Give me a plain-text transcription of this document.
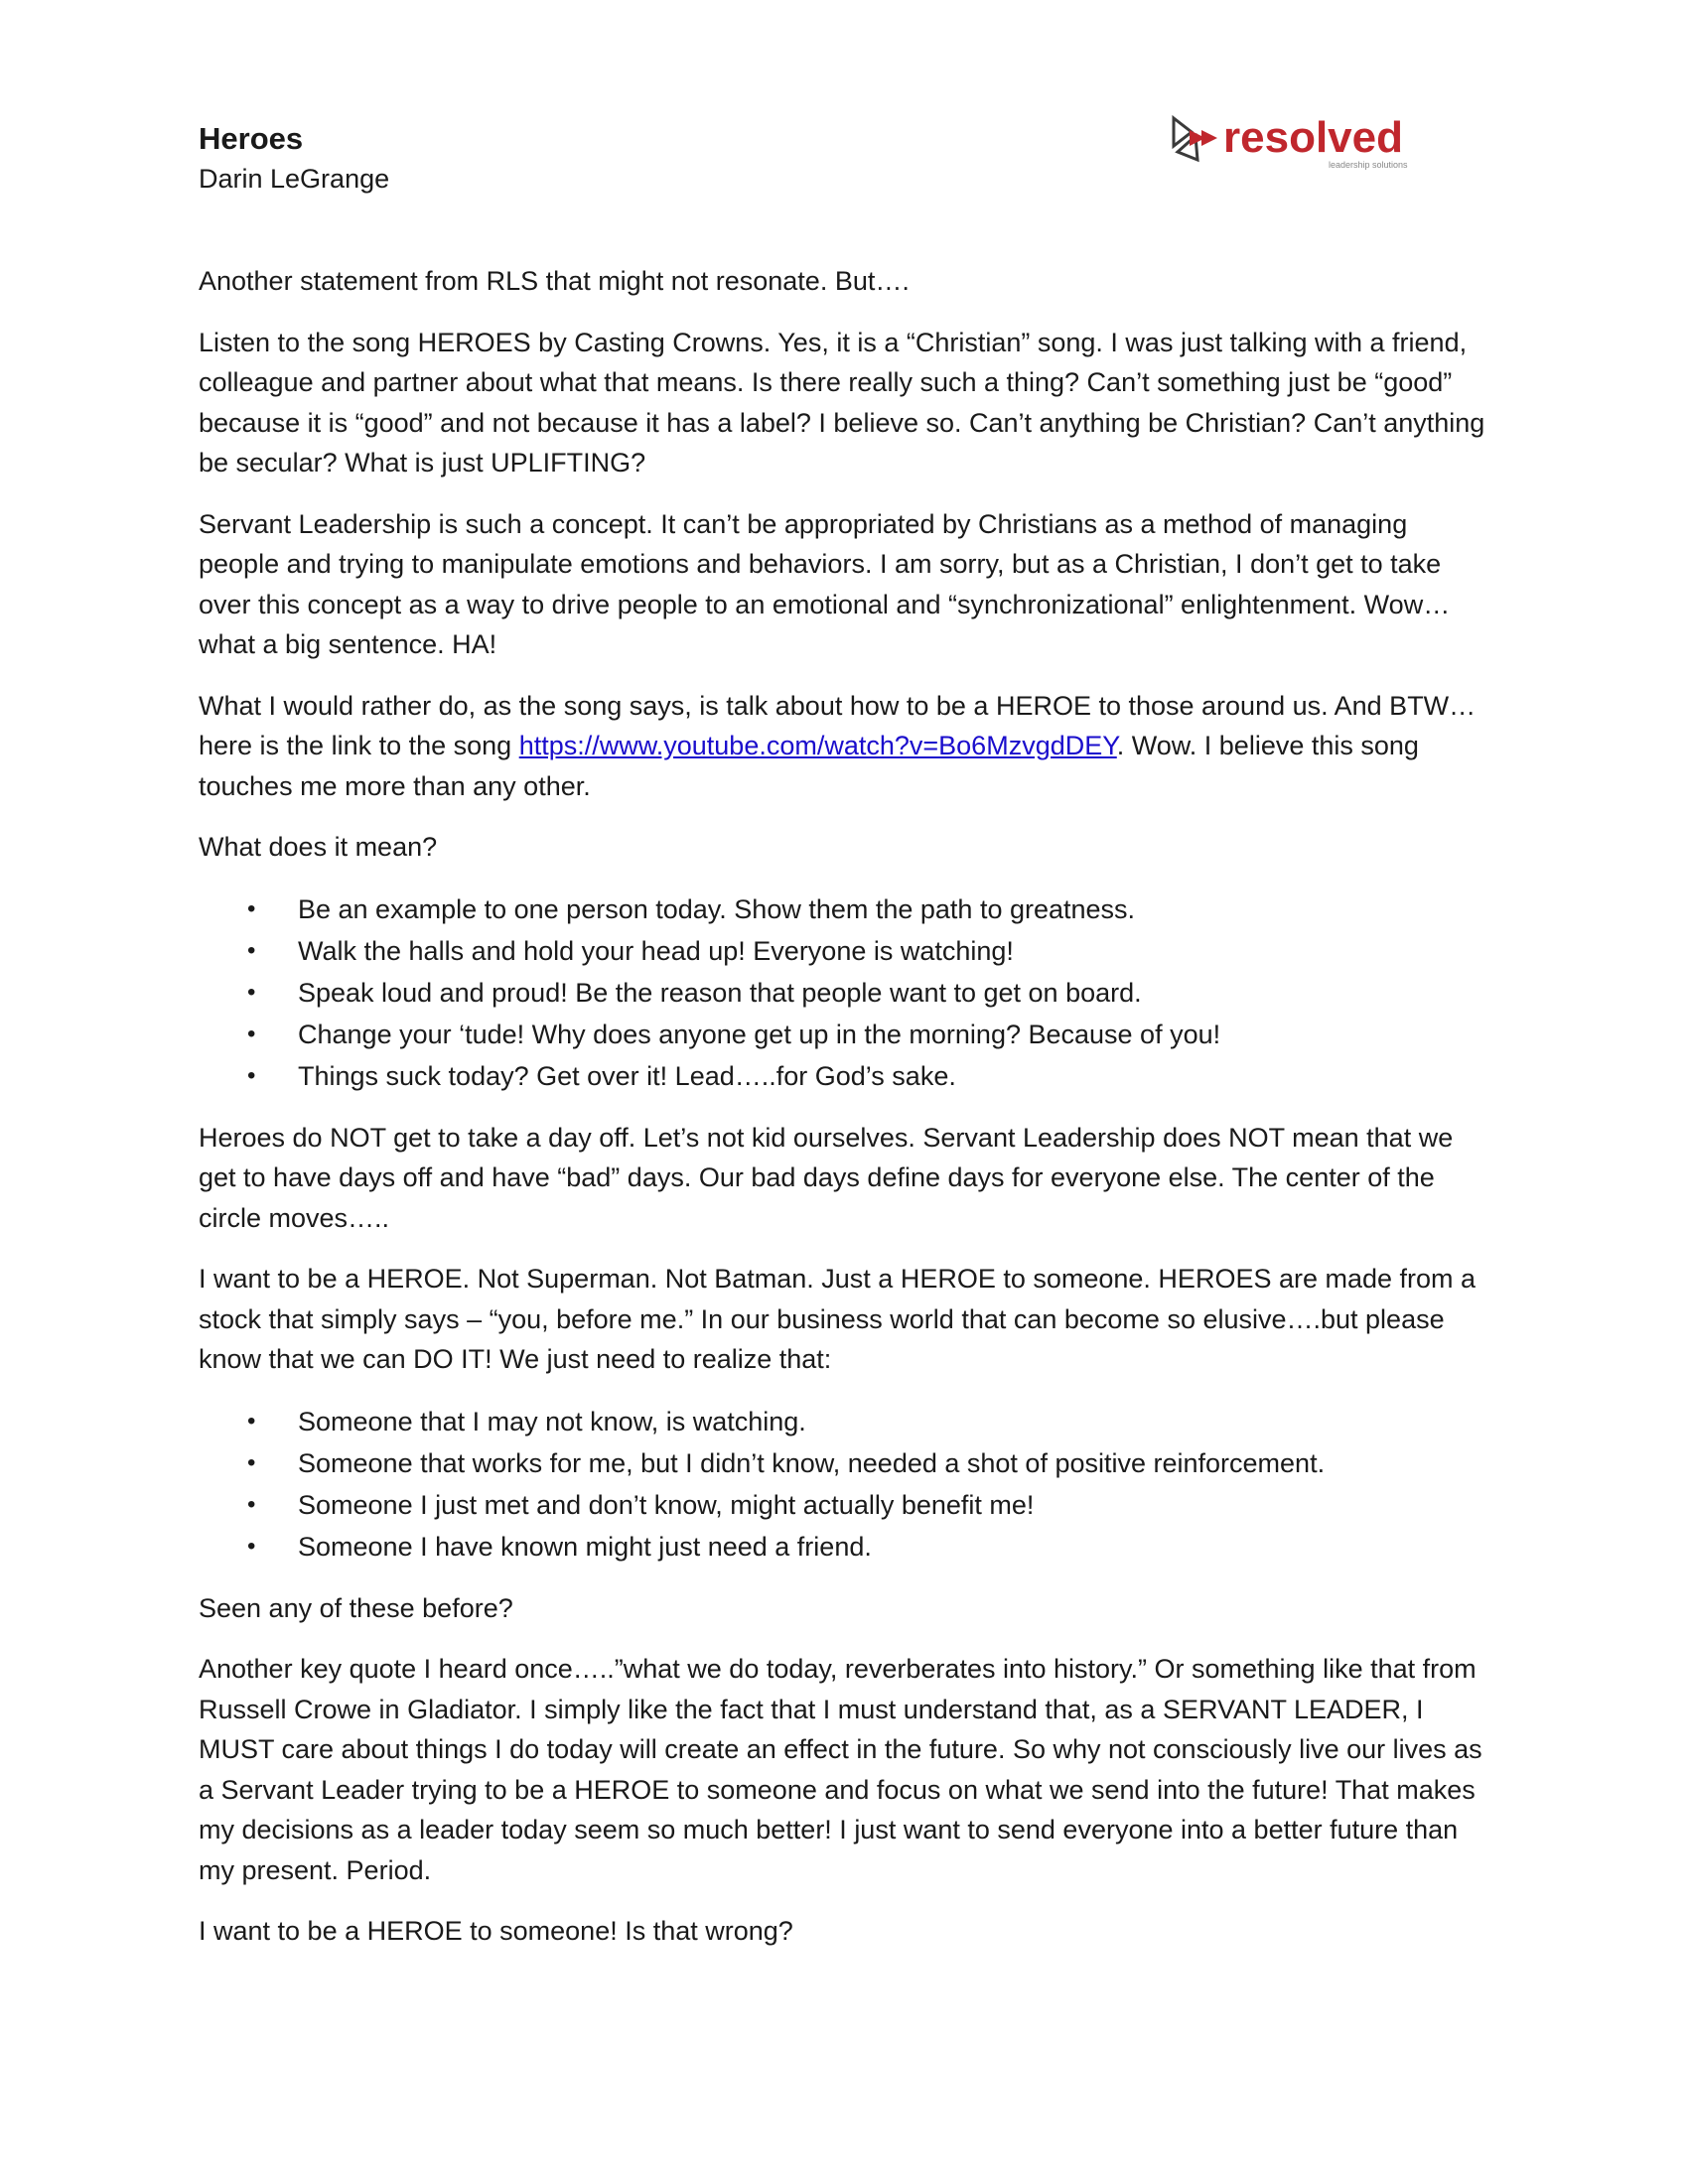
Heroes

Darin LeGrange

resolved
leadership solutions

Another statement from RLS that might not resonate. But….

Listen to the song HEROES by Casting Crowns. Yes, it is a “Christian” song. I was just talking with a friend, colleague and partner about what that means. Is there really such a thing? Can’t something just be “good” because it is “good” and not because it has a label? I believe so. Can’t anything be Christian? Can’t anything be secular? What is just UPLIFTING?

Servant Leadership is such a concept. It can’t be appropriated by Christians as a method of managing people and trying to manipulate emotions and behaviors. I am sorry, but as a Christian, I don’t get to take over this concept as a way to drive people to an emotional and “synchronizational” enlightenment. Wow…what a big sentence. HA!

What I would rather do, as the song says, is talk about how to be a HEROE to those around us. And BTW…here is the link to the song https://www.youtube.com/watch?v=Bo6MzvgdDEY. Wow. I believe this song touches me more than any other.

What does it mean?

• Be an example to one person today. Show them the path to greatness.
• Walk the halls and hold your head up! Everyone is watching!
• Speak loud and proud! Be the reason that people want to get on board.
• Change your ‘tude! Why does anyone get up in the morning? Because of you!
• Things suck today? Get over it! Lead…..for God’s sake.

Heroes do NOT get to take a day off. Let’s not kid ourselves. Servant Leadership does NOT mean that we get to have days off and have “bad” days. Our bad days define days for everyone else. The center of the circle moves…..

I want to be a HEROE. Not Superman. Not Batman. Just a HEROE to someone. HEROES are made from a stock that simply says – “you, before me.” In our business world that can become so elusive….but please know that we can DO IT! We just need to realize that:

• Someone that I may not know, is watching.
• Someone that works for me, but I didn’t know, needed a shot of positive reinforcement.
• Someone I just met and don’t know, might actually benefit me!
• Someone I have known might just need a friend.

Seen any of these before?

Another key quote I heard once…..”what we do today, reverberates into history.” Or something like that from Russell Crowe in Gladiator. I simply like the fact that I must understand that, as a SERVANT LEADER, I MUST care about things I do today will create an effect in the future. So why not consciously live our lives as a Servant Leader trying to be a HEROE to someone and focus on what we send into the future! That makes my decisions as a leader today seem so much better! I just want to send everyone into a better future than my present. Period.

I want to be a HEROE to someone! Is that wrong?
